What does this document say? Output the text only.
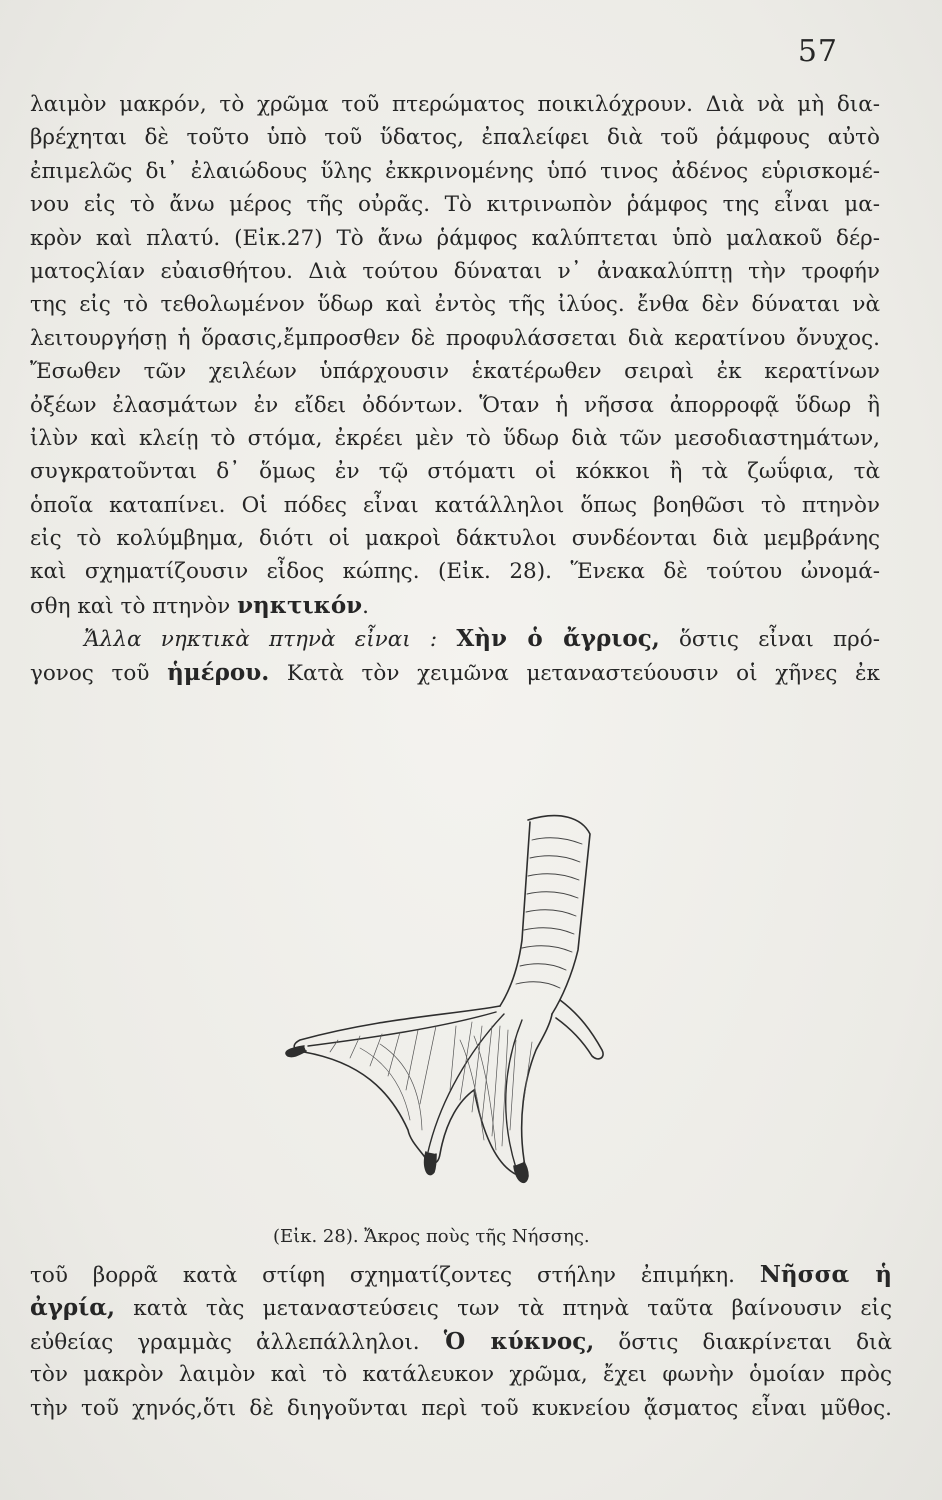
57
λαιμὸν μακρόν, τὸ χρῶμα τοῦ πτερώματος ποικιλόχρουν. Διὰ νὰ μὴ δια-
βρέχηται δὲ τοῦτο ὑπὸ τοῦ ὕδατος, ἐπαλείφει διὰ τοῦ ῥάμφους αὐτὸ
ἐπιμελῶς δι᾽ ἐλαιώδους ὕλης ἐκκρινομένης ὑπό τινος ἀδένος εὑρισκομέ-
νου εἰς τὸ ἄνω μέρος τῆς οὐρᾶς. Τὸ κιτρινωπὸν ῥάμφος της εἶναι μα-
κρὸν καὶ πλατύ. (Εἰκ.27) Τὸ ἄνω ῥάμφος καλύπτεται ὑπὸ μαλακοῦ δέρ-
ματοςλίαν εὐαισθήτου. Διὰ τούτου δύναται ν᾽ ἀνακαλύπτῃ τὴν τροφήν
της εἰς τὸ τεθολωμένον ὕδωρ καὶ ἐντὸς τῆς ἰλύος. ἔνθα δὲν δύναται νὰ
λειτουργήσῃ ἡ ὅρασις,ἔμπροσθεν δὲ προφυλάσσεται διὰ κερατίνου ὄνυχος.
Ἔσωθεν τῶν χειλέων ὑπάρχουσιν ἑκατέρωθεν σειραὶ ἐκ κερατίνων
ὀξέων ἐλασμάτων ἐν εἴδει ὀδόντων. Ὅταν ἡ νῆσσα ἀπορροφᾷ ὕδωρ ἢ
ἰλὺν καὶ κλείῃ τὸ στόμα, ἐκρέει μὲν τὸ ὕδωρ διὰ τῶν μεσοδιαστημάτων,
συγκρατοῦνται δ᾽ ὅμως ἐν τῷ στόματι οἱ κόκκοι ἢ τὰ ζωΰφια, τὰ
ὁποῖα καταπίνει. Οἱ πόδες εἶναι κατάλληλοι ὅπως βοηθῶσι τὸ πτηνὸν
εἰς τὸ κολύμβημα, διότι οἱ μακροὶ δάκτυλοι συνδέονται διὰ μεμβράνης
καὶ σχηματίζουσιν εἶδος κώπης. (Εἰκ. 28). Ἕνεκα δὲ τούτου ὠνομά-
σθη καὶ τὸ πτηνὸν νηκτικόν.
Ἄλλα νηκτικὰ πτηνὰ εἶναι : Χὴν ὁ ἄγριος, ὅστις εἶναι πρό-
γονος τοῦ ἡμέρου. Κατὰ τὸν χειμῶνα μεταναστεύουσιν οἱ χῆνες ἐκ
(Εἰκ. 28). Ἄκρος ποὺς τῆς Νήσσης.
τοῦ βορρᾶ κατὰ στίφη σχηματίζοντες στήλην ἐπιμήκη. Νῆσσα ἡ
ἀγρία, κατὰ τὰς μεταναστεύσεις των τὰ πτηνὰ ταῦτα βαίνουσιν εἰς
εὐθείας γραμμὰς ἀλλεπάλληλοι. Ὁ κύκνος, ὅστις διακρίνεται διὰ
τὸν μακρὸν λαιμὸν καὶ τὸ κατάλευκον χρῶμα, ἔχει φωνὴν ὁμοίαν πρὸς
τὴν τοῦ χηνός,ὅτι δὲ διηγοῦνται περὶ τοῦ κυκνείου ᾄσματος εἶναι μῦθος.
